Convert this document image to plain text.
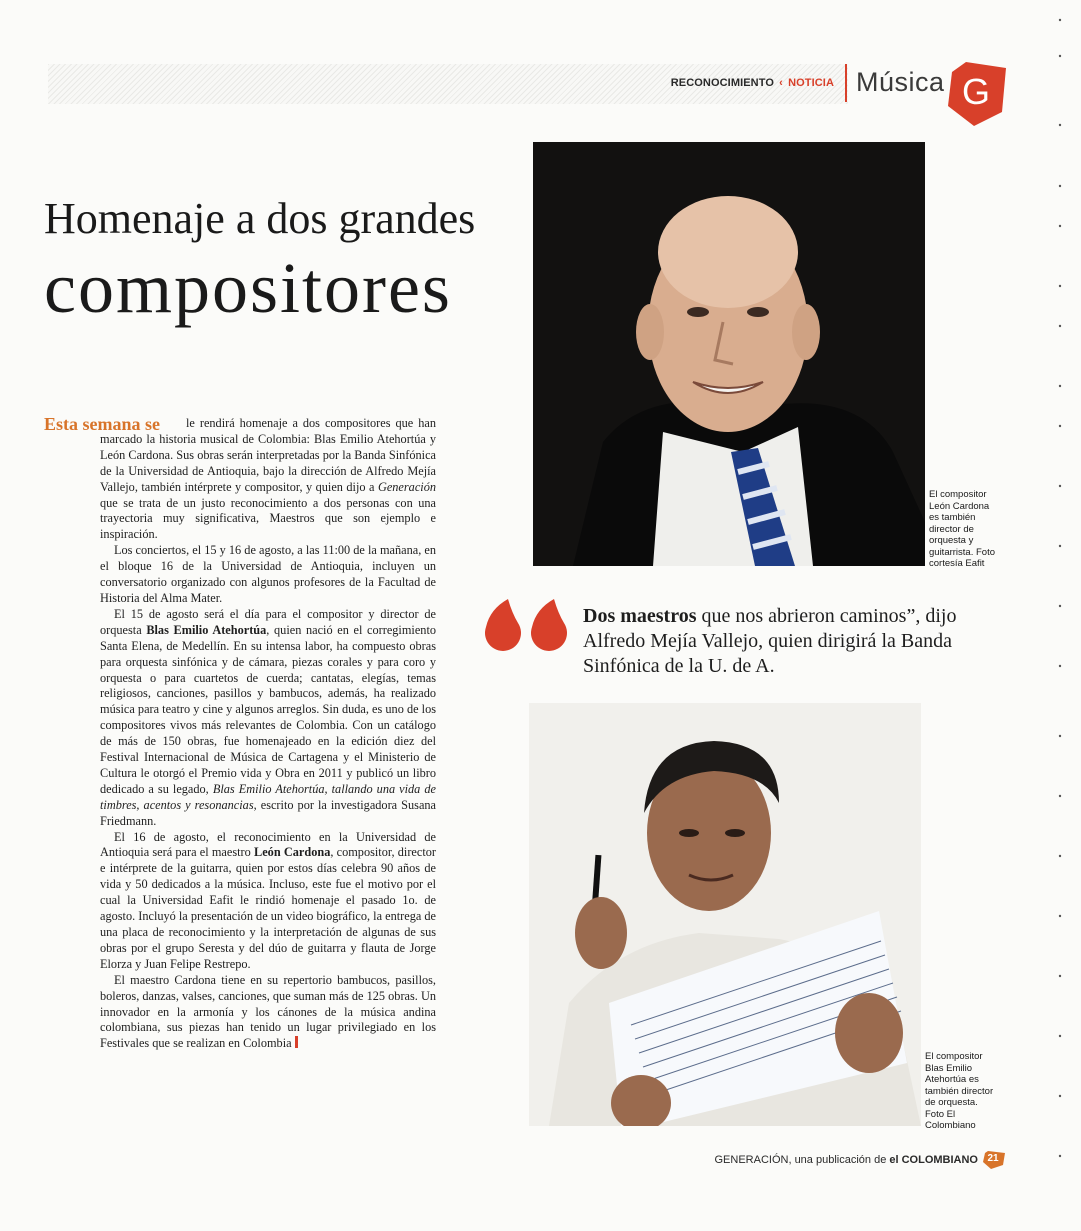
RECONOCIMIENTO ‹ NOTICIA Música G
Homenaje a dos grandes
compositores
Esta semana se	le rendirá homenaje a dos compositores que han marcado la historia musical de Colombia: Blas Emilio Atehortúa y León Cardona. Sus obras serán interpretadas por la Banda Sinfónica de la Universidad de Antioquia, bajo la dirección de Alfredo Mejía Vallejo, también intérprete y compositor, y quien dijo a Generación que se trata de un justo reconocimiento a dos personas con una trayectoria muy significativa, Maestros que son ejemplo e inspiración.

Los conciertos, el 15 y 16 de agosto, a las 11:00 de la mañana, en el bloque 16 de la Universidad de Antioquia, incluyen un conversatorio organizado con algunos profesores de la Facultad de Historia del Alma Mater.

El 15 de agosto será el día para el compositor y director de orquesta Blas Emilio Atehortúa, quien nació en el corregimiento Santa Elena, de Medellín. En su intensa labor, ha compuesto obras para orquesta sinfónica y de cámara, piezas corales y para coro y orquesta o para cuartetos de cuerda; cantatas, elegías, temas religiosos, canciones, pasillos y bambucos, además, ha realizado música para teatro y cine y algunos arreglos. Sin duda, es uno de los compositores vivos más relevantes de Colombia. Con un catálogo de más de 150 obras, fue homenajeado en la edición diez del Festival Internacional de Música de Cartagena y el Ministerio de Cultura le otorgó el Premio vida y Obra en 2011 y publicó un libro dedicado a su legado, Blas Emilio Atehortúa, tallando una vida de timbres, acentos y resonancias, escrito por la investigadora Susana Friedmann.

El 16 de agosto, el reconocimiento en la Universidad de Antioquia será para el maestro León Cardona, compositor, director e intérprete de la guitarra, quien por estos días celebra 90 años de vida y 50 dedicados a la música. Incluso, este fue el motivo por el cual la Universidad Eafit le rindió homenaje el pasado 1o. de agosto. Incluyó la presentación de un video biográfico, la entrega de una placa de reconocimiento y la interpretación de algunas de sus obras por el grupo Seresta y del dúo de guitarra y flauta de Jorge Elorza y Juan Felipe Restrepo.

El maestro Cardona tiene en su repertorio bambucos, pasillos, boleros, danzas, valses, canciones, que suman más de 125 obras. Un innovador en la armonía y los cánones de la música andina colombiana, sus piezas han tenido un lugar privilegiado en los Festivales que se realizan en Colombia

El compositor León Cardona es también director de orquesta y guitarrista. Foto cortesía Eafit
Dos maestros que nos abrieron caminos”, dijo Alfredo Mejía Vallejo, quien dirigirá la Banda Sinfónica de la U. de A.
El compositor Blas Emilio Atehortúa es también director de orquesta. Foto El Colombiano
GENERACIÓN, una publicación de el COLOMBIANO 21
